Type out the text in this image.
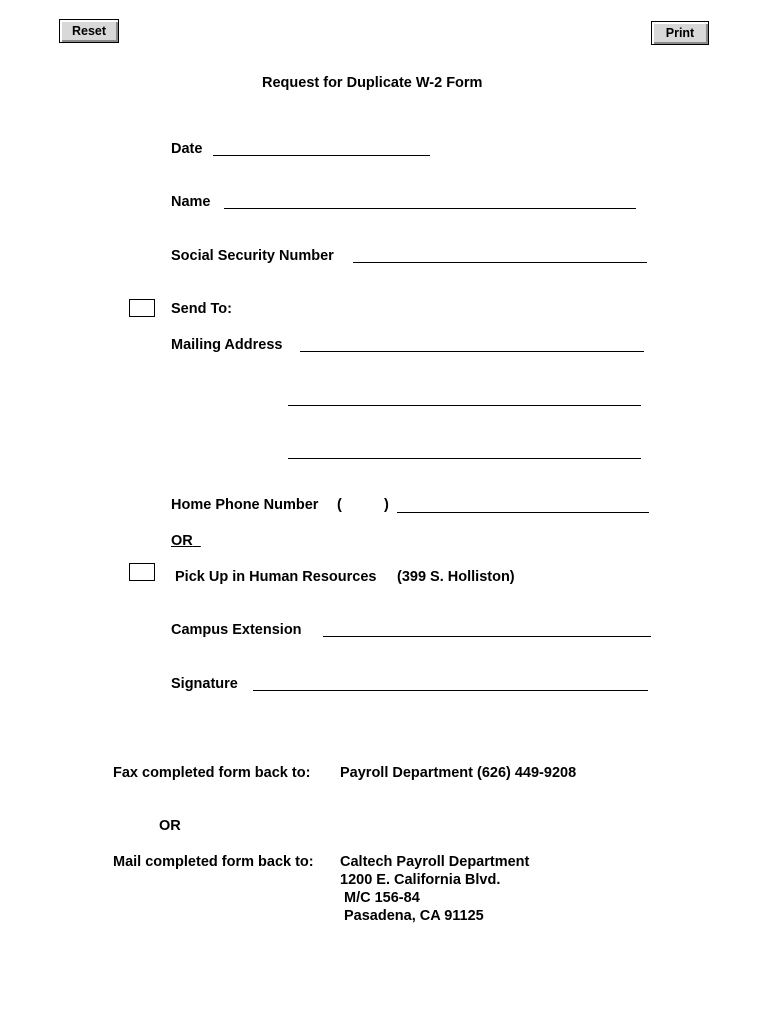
Reset	Print
Request for Duplicate W-2 Form
Date
Name
Social Security Number
Send To:
Mailing Address
Home Phone Number (	)
OR
Pick Up in Human Resources (399 S. Holliston)
Campus Extension
Signature
Fax completed form back to: Payroll Department (626) 449-9208
OR
Mail completed form back to: Caltech Payroll Department
1200 E. California Blvd.
M/C 156-84
Pasadena, CA 91125
